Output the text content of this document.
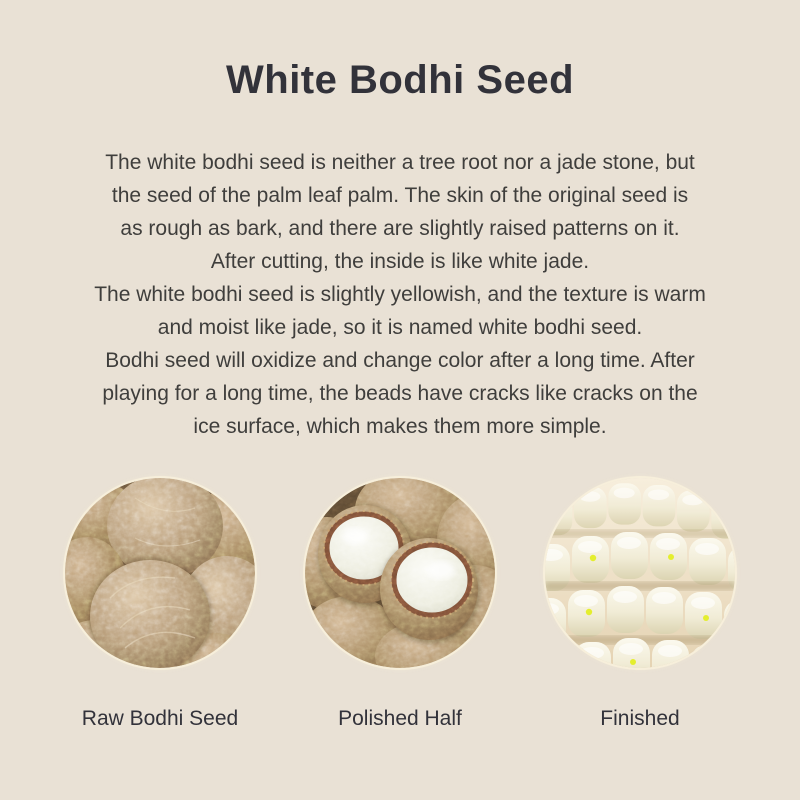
White Bodhi Seed
The white bodhi seed is neither a tree root nor a jade stone, but
the seed of the palm leaf palm. The skin of the original seed is
as rough as bark, and there are slightly raised patterns on it.
After cutting, the inside is like white jade.
The white bodhi seed is slightly yellowish, and the texture is warm
and moist like jade, so it is named white bodhi seed.
Bodhi seed will oxidize and change color after a long time. After
playing for a long time, the beads have cracks like cracks on the
ice surface, which makes them more simple.
Raw Bodhi Seed	Polished Half	Finished
